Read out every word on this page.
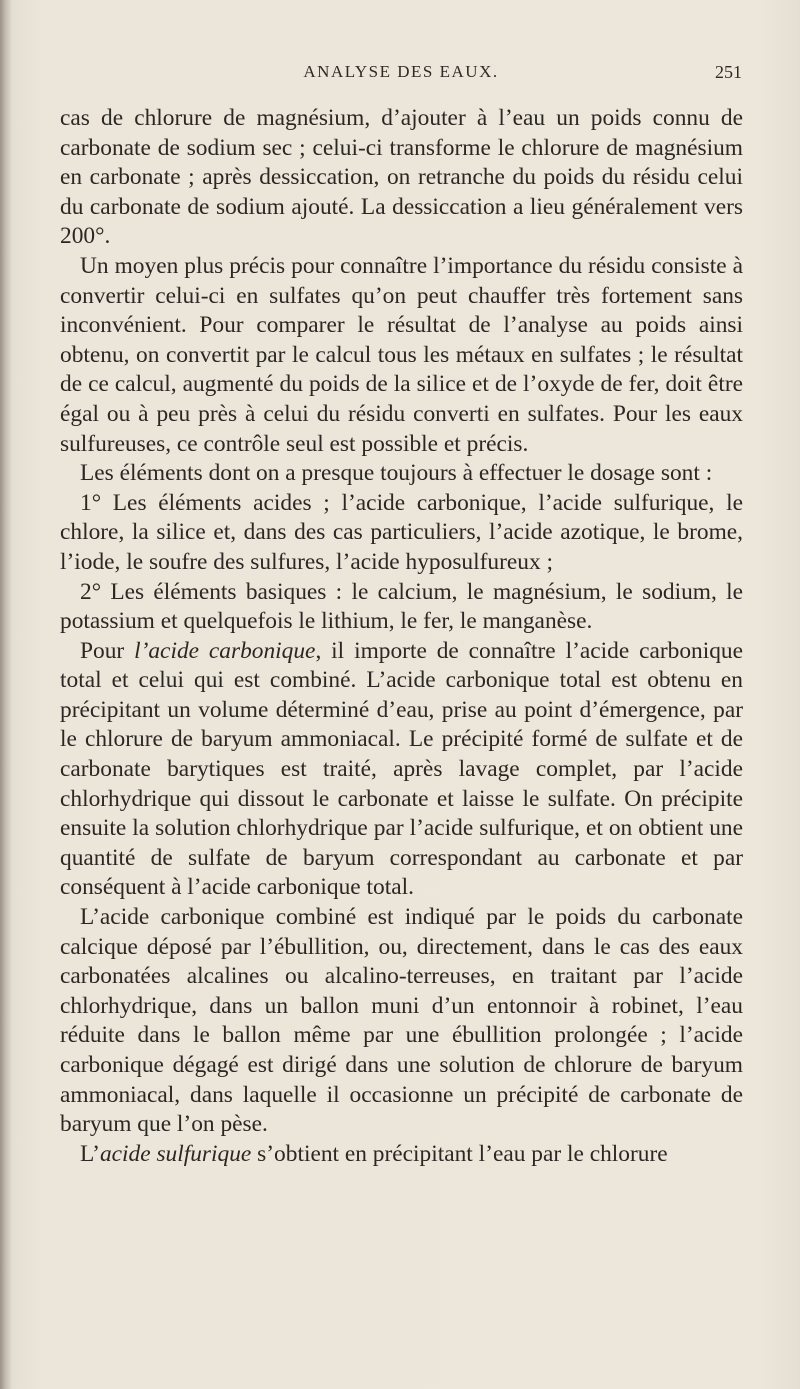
ANALYSE DES EAUX.	251

cas de chlorure de magnésium, d’ajouter à l’eau un poids connu de carbonate de sodium sec ; celui-ci transforme le chlorure de magnésium en carbonate ; après dessiccation, on retranche du poids du résidu celui du carbonate de sodium ajouté. La dessiccation a lieu généralement vers 200°.

Un moyen plus précis pour connaître l’importance du résidu consiste à convertir celui-ci en sulfates qu’on peut chauffer très fortement sans inconvénient. Pour comparer le résultat de l’analyse au poids ainsi obtenu, on convertit par le calcul tous les métaux en sulfates ; le résultat de ce calcul, augmenté du poids de la silice et de l’oxyde de fer, doit être égal ou à peu près à celui du résidu converti en sulfates. Pour les eaux sulfureuses, ce contrôle seul est possible et précis.

Les éléments dont on a presque toujours à effectuer le dosage sont :

1° Les éléments acides ; l’acide carbonique, l’acide sulfurique, le chlore, la silice et, dans des cas particuliers, l’acide azotique, le brome, l’iode, le soufre des sulfures, l’acide hyposulfureux ;

2° Les éléments basiques : le calcium, le magnésium, le sodium, le potassium et quelquefois le lithium, le fer, le manganèse.

Pour l’acide carbonique, il importe de connaître l’acide carbonique total et celui qui est combiné. L’acide carbonique total est obtenu en précipitant un volume déterminé d’eau, prise au point d’émergence, par le chlorure de baryum ammoniacal. Le précipité formé de sulfate et de carbonate barytiques est traité, après lavage complet, par l’acide chlorhydrique qui dissout le carbonate et laisse le sulfate. On précipite ensuite la solution chlorhydrique par l’acide sulfurique, et on obtient une quantité de sulfate de baryum correspondant au carbonate et par conséquent à l’acide carbonique total.

L’acide carbonique combiné est indiqué par le poids du carbonate calcique déposé par l’ébullition, ou, directement, dans le cas des eaux carbonatées alcalines ou alcalino-terreuses, en traitant par l’acide chlorhydrique, dans un ballon muni d’un entonnoir à robinet, l’eau réduite dans le ballon même par une ébullition prolongée ; l’acide carbonique dégagé est dirigé dans une solution de chlorure de baryum ammoniacal, dans laquelle il occasionne un précipité de carbonate de baryum que l’on pèse.

L’acide sulfurique s’obtient en précipitant l’eau par le chlorure
